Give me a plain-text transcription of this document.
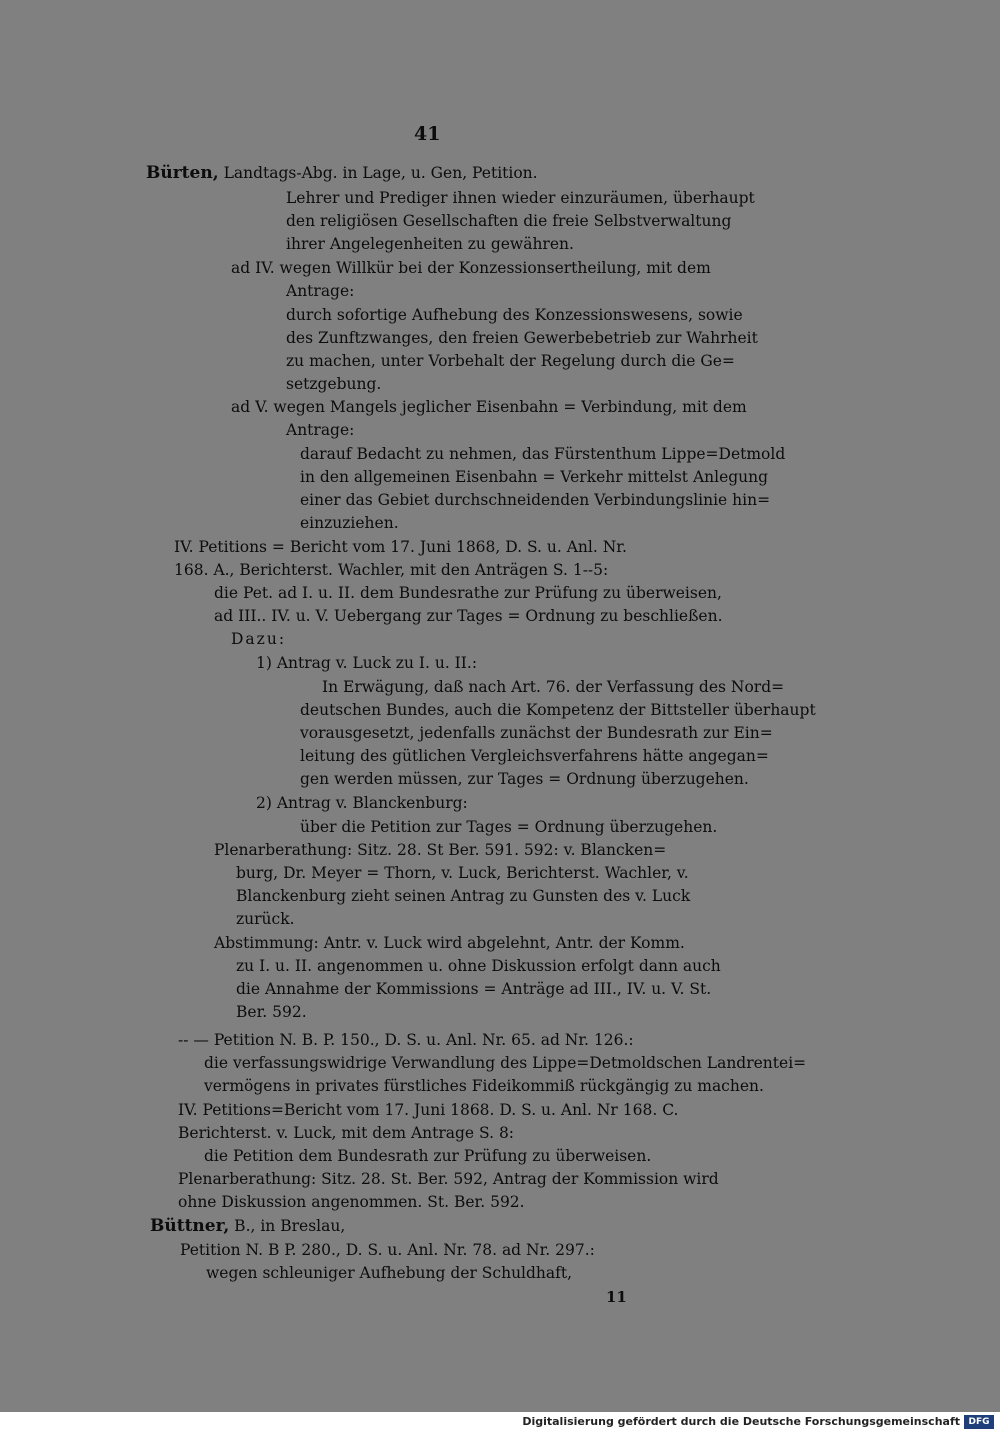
41
Bürten, Landtags-Abg. in Lage, u. Gen, Petition.
Lehrer und Prediger ihnen wieder einzuräumen, überhaupt
den religiösen Gesellschaften die freie Selbstverwaltung
ihrer Angelegenheiten zu gewähren.
ad IV. wegen Willkür bei der Konzessionsertheilung, mit dem
Antrage:
durch sofortige Aufhebung des Konzessionswesens, sowie
des Zunftzwanges, den freien Gewerbebetrieb zur Wahrheit
zu machen, unter Vorbehalt der Regelung durch die Ge=
setzgebung.
ad V. wegen Mangels jeglicher Eisenbahn = Verbindung, mit dem
Antrage:
darauf Bedacht zu nehmen, das Fürstenthum Lippe=Detmold
in den allgemeinen Eisenbahn = Verkehr mittelst Anlegung
einer das Gebiet durchschneidenden Verbindungslinie hin=
einzuziehen.
IV. Petitions = Bericht vom 17. Juni 1868, D. S. u. Anl. Nr.
168. A., Berichterst. Wachler, mit den Anträgen S. 1--5:
die Pet. ad I. u. II. dem Bundesrathe zur Prüfung zu überweisen,
ad III.. IV. u. V. Uebergang zur Tages = Ordnung zu beschließen.
Dazu:
1) Antrag v. Luck zu I. u. II.:
In Erwägung, daß nach Art. 76. der Verfassung des Nord=
deutschen Bundes, auch die Kompetenz der Bittsteller überhaupt
vorausgesetzt, jedenfalls zunächst der Bundesrath zur Ein=
leitung des gütlichen Vergleichsverfahrens hätte angegan=
gen werden müssen, zur Tages = Ordnung überzugehen.
2) Antrag v. Blanckenburg:
über die Petition zur Tages = Ordnung überzugehen.
Plenarberathung: Sitz. 28. St Ber. 591. 592: v. Blancken=
burg, Dr. Meyer = Thorn, v. Luck, Berichterst. Wachler, v.
Blanckenburg zieht seinen Antrag zu Gunsten des v. Luck
zurück.
Abstimmung: Antr. v. Luck wird abgelehnt, Antr. der Komm.
zu I. u. II. angenommen u. ohne Diskussion erfolgt dann auch
die Annahme der Kommissions = Anträge ad III., IV. u. V. St.
Ber. 592.
-- — Petition N. B. P. 150., D. S. u. Anl. Nr. 65. ad Nr. 126.:
die verfassungswidrige Verwandlung des Lippe=Detmoldschen Landrentei=
vermögens in privates fürstliches Fideikommiß rückgängig zu machen.
IV. Petitions=Bericht vom 17. Juni 1868. D. S. u. Anl. Nr 168. C.
Berichterst. v. Luck, mit dem Antrage S. 8:
die Petition dem Bundesrath zur Prüfung zu überweisen.
Plenarberathung: Sitz. 28. St. Ber. 592, Antrag der Kommission wird
ohne Diskussion angenommen. St. Ber. 592.
Büttner, B., in Breslau,
Petition N. B P. 280., D. S. u. Anl. Nr. 78. ad Nr. 297.:
wegen schleuniger Aufhebung der Schuldhaft,
11
Digitalisierung gefördert durch die Deutsche Forschungsgemeinschaft DFG
